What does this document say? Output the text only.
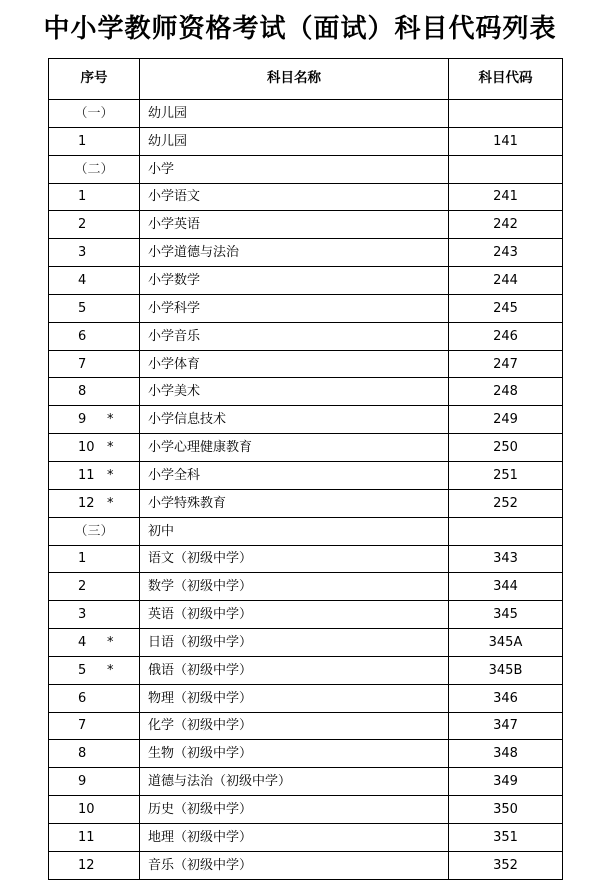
中小学教师资格考试（面试）科目代码列表
序号	科目名称	科目代码
（一）	幼儿园	
1	幼儿园	141
（二）	小学	
1	小学语文	241
2	小学英语	242
3	小学道德与法治	243
4	小学数学	244
5	小学科学	245
6	小学音乐	246
7	小学体育	247
8	小学美术	248
9 *	小学信息技术	249
10 *	小学心理健康教育	250
11 *	小学全科	251
12 *	小学特殊教育	252
（三）	初中	
1	语文（初级中学）	343
2	数学（初级中学）	344
3	英语（初级中学）	345
4 *	日语（初级中学）	345A
5 *	俄语（初级中学）	345B
6	物理（初级中学）	346
7	化学（初级中学）	347
8	生物（初级中学）	348
9	道德与法治（初级中学）	349
10	历史（初级中学）	350
11	地理（初级中学）	351
12	音乐（初级中学）	352
